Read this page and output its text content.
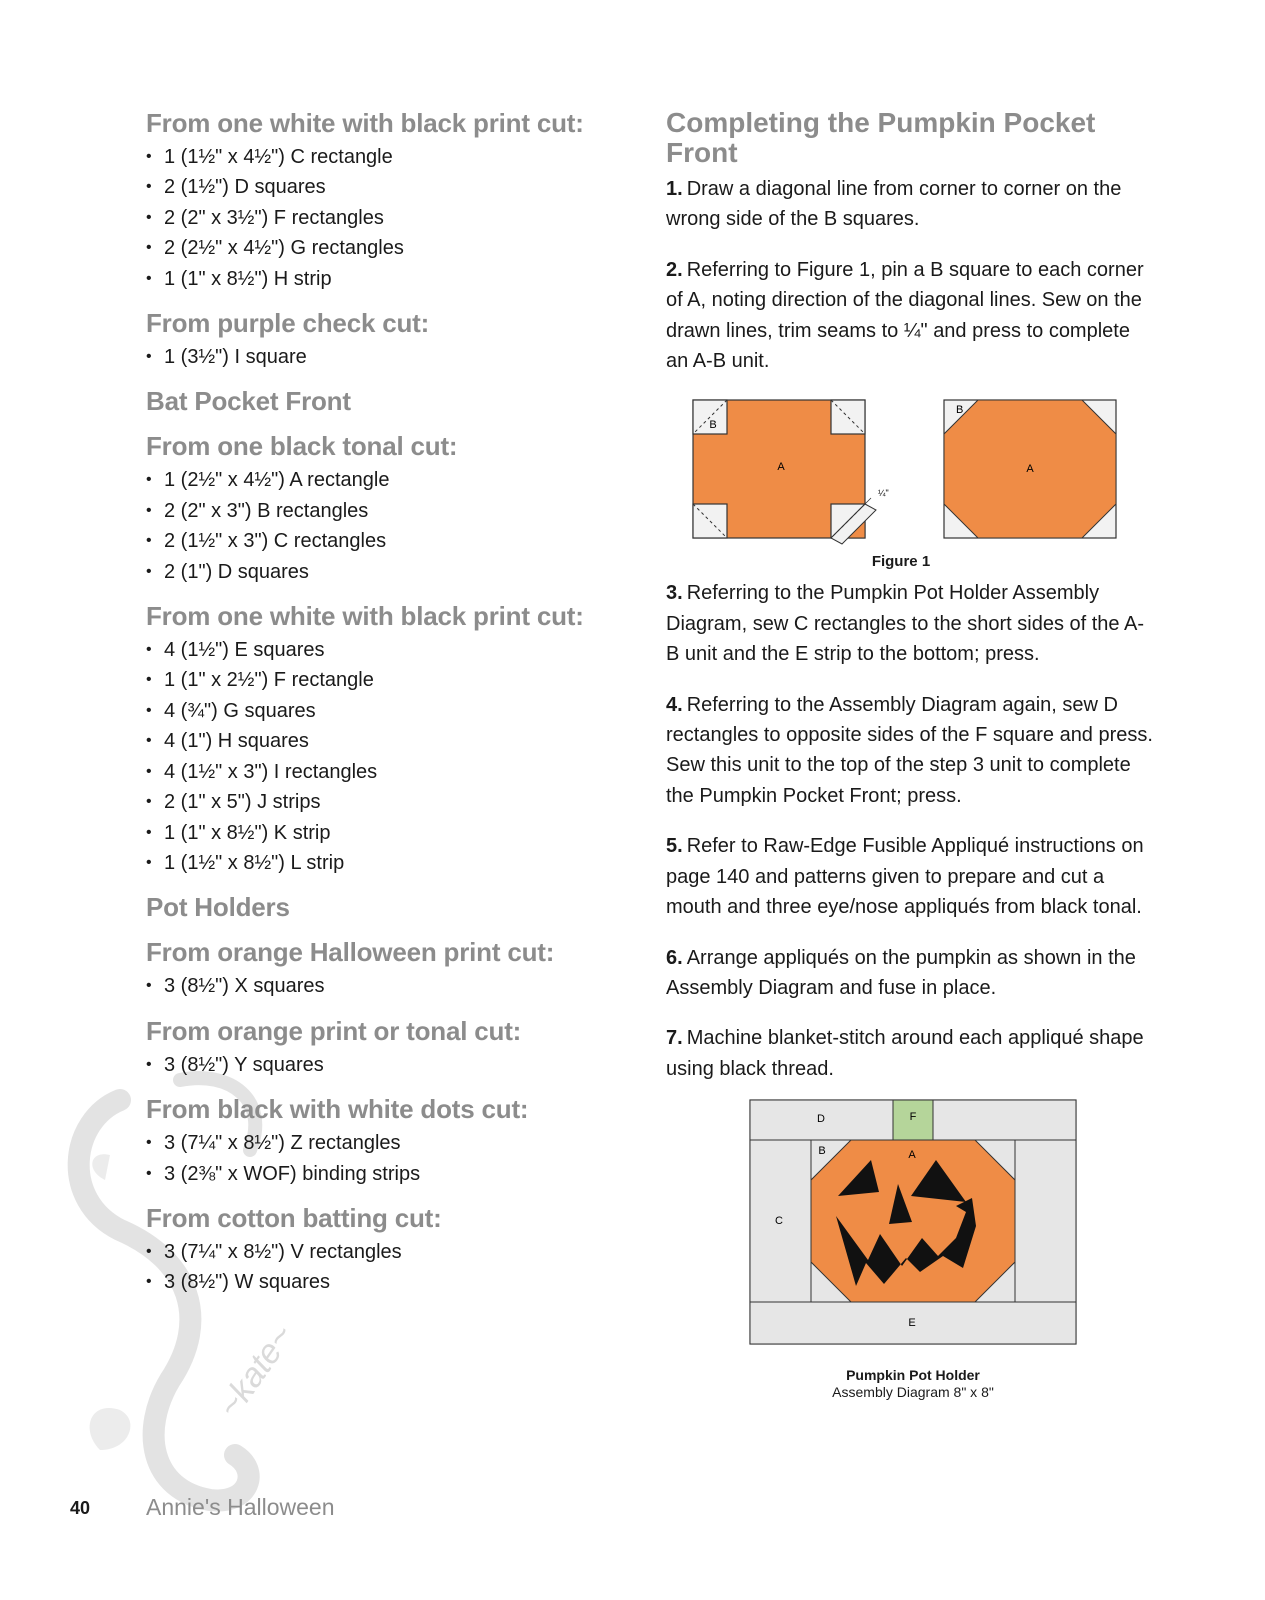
~kate~
From one white with black print cut:
• 1 (1½" x 4½") C rectangle
• 2 (1½") D squares
• 2 (2" x 3½") F rectangles
• 2 (2½" x 4½") G rectangles
• 1 (1" x 8½") H strip
From purple check cut:
• 1 (3½") I square
Bat Pocket Front
From one black tonal cut:
• 1 (2½" x 4½") A rectangle
• 2 (2" x 3") B rectangles
• 2 (1½" x 3") C rectangles
• 2 (1") D squares
From one white with black print cut:
• 4 (1½") E squares
• 1 (1" x 2½") F rectangle
• 4 (¾") G squares
• 4 (1") H squares
• 4 (1½" x 3") I rectangles
• 2 (1" x 5") J strips
• 1 (1" x 8½") K strip
• 1 (1½" x 8½") L strip
Pot Holders
From orange Halloween print cut:
• 3 (8½") X squares
From orange print or tonal cut:
• 3 (8½") Y squares
From black with white dots cut:
• 3 (7¼" x 8½") Z rectangles
• 3 (2⅜" x WOF) binding strips
From cotton batting cut:
• 3 (7¼" x 8½") V rectangles
• 3 (8½") W squares
Completing the Pumpkin Pocket Front

1. Draw a diagonal line from corner to corner on the wrong side of the B squares.

2. Referring to Figure 1, pin a B square to each corner of A, noting direction of the diagonal lines. Sew on the drawn lines, trim seams to ¼" and press to complete an A-B unit.

B
A
¼"
B
A
Figure 1

3. Referring to the Pumpkin Pot Holder Assembly Diagram, sew C rectangles to the short sides of the A-B unit and the E strip to the bottom; press.

4. Referring to the Assembly Diagram again, sew D rectangles to opposite sides of the F square and press. Sew this unit to the top of the step 3 unit to complete the Pumpkin Pocket Front; press.

5. Refer to Raw-Edge Fusible Appliqué instructions on page 140 and patterns given to prepare and cut a mouth and three eye/nose appliqués from black tonal.

6. Arrange appliqués on the pumpkin as shown in the Assembly Diagram and fuse in place.

7. Machine blanket-stitch around each appliqué shape using black thread.

D	F
B	A
C
E
Pumpkin Pot Holder
Assembly Diagram 8" x 8"
40 Annie's Halloween
